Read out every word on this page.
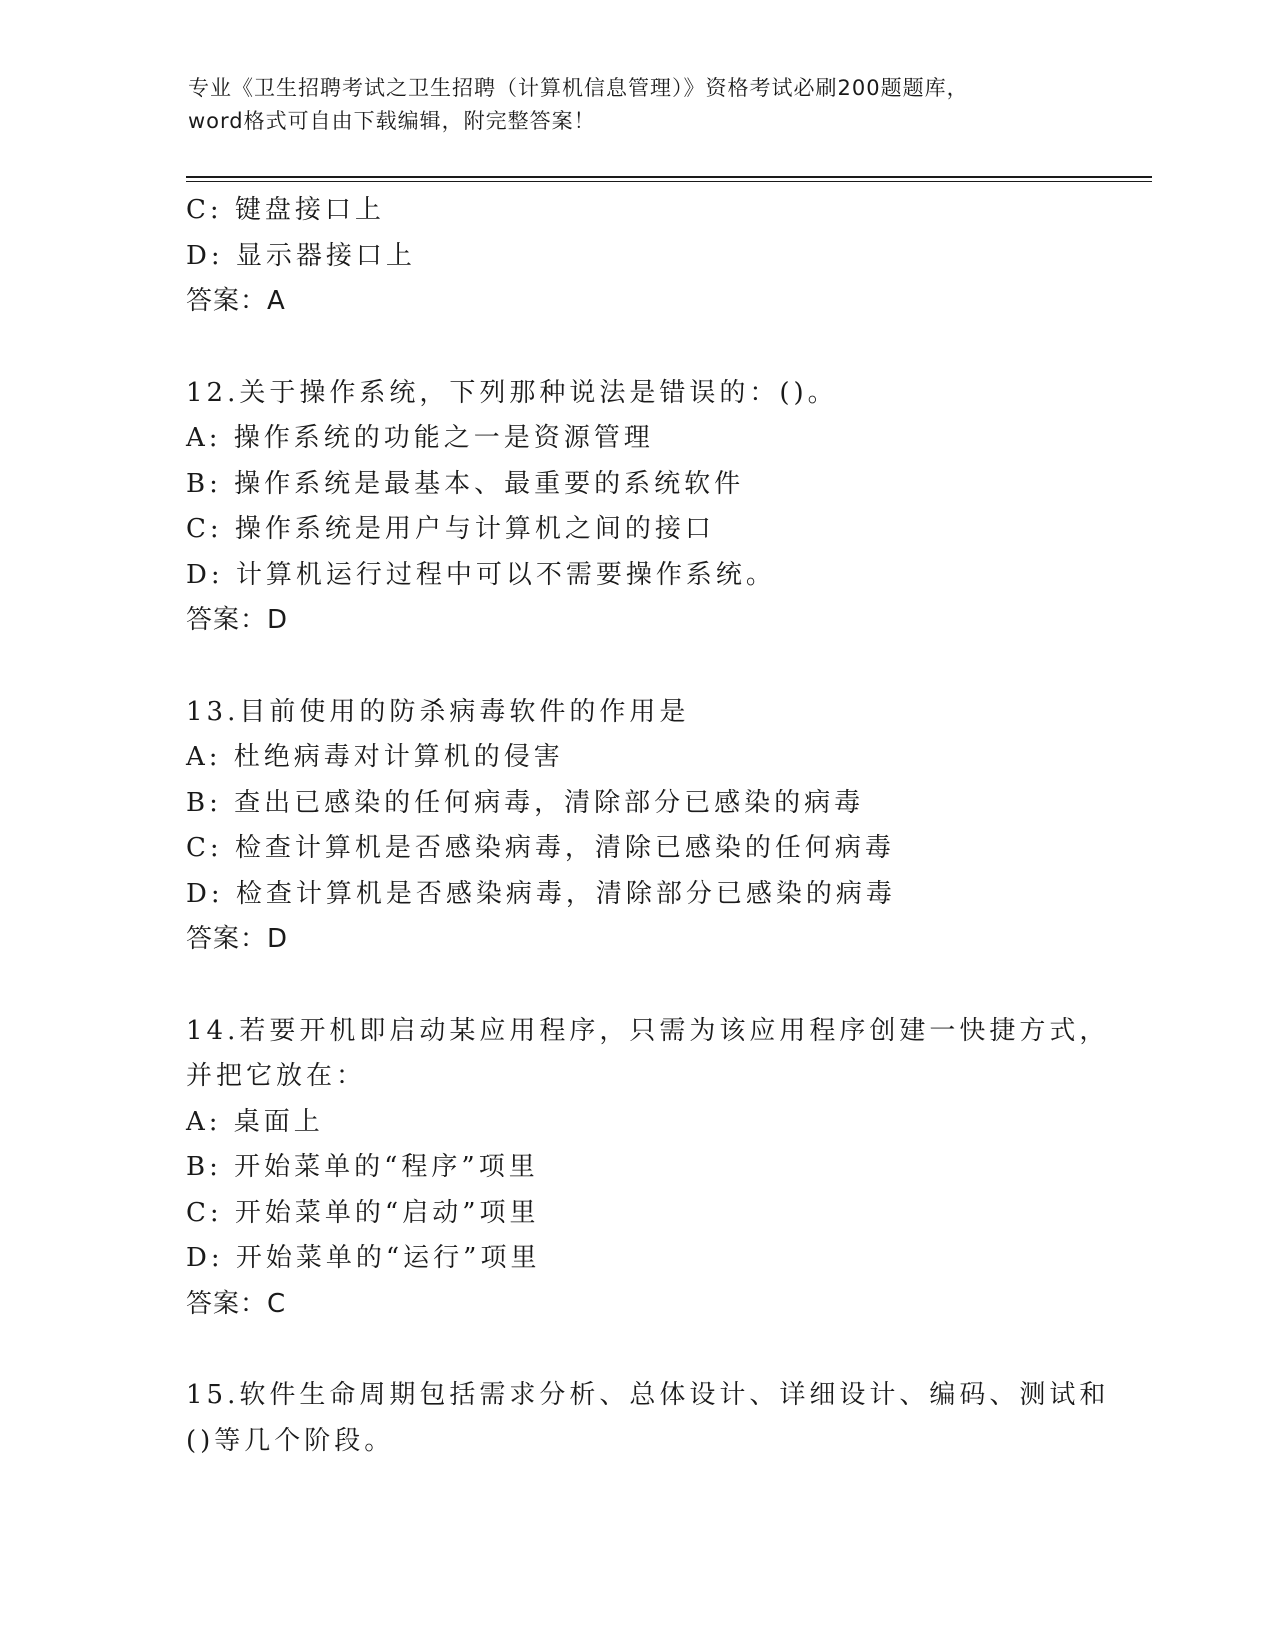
专业《卫生招聘考试之卫生招聘（计算机信息管理）》资格考试必刷200题题库，
word格式可自由下载编辑，附完整答案！
C: 键盘接口上
D: 显示器接口上
答案：A
12.关于操作系统，下列那种说法是错误的：()。
A: 操作系统的功能之一是资源管理
B: 操作系统是最基本、最重要的系统软件
C: 操作系统是用户与计算机之间的接口
D: 计算机运行过程中可以不需要操作系统。
答案：D
13.目前使用的防杀病毒软件的作用是
A: 杜绝病毒对计算机的侵害
B: 查出已感染的任何病毒，清除部分已感染的病毒
C: 检查计算机是否感染病毒，清除已感染的任何病毒
D: 检查计算机是否感染病毒，清除部分已感染的病毒
答案：D
14.若要开机即启动某应用程序，只需为该应用程序创建一快捷方式，
并把它放在：
A: 桌面上
B: 开始菜单的“程序”项里
C: 开始菜单的“启动”项里
D: 开始菜单的“运行”项里
答案：C
15.软件生命周期包括需求分析、总体设计、详细设计、编码、测试和
()等几个阶段。
